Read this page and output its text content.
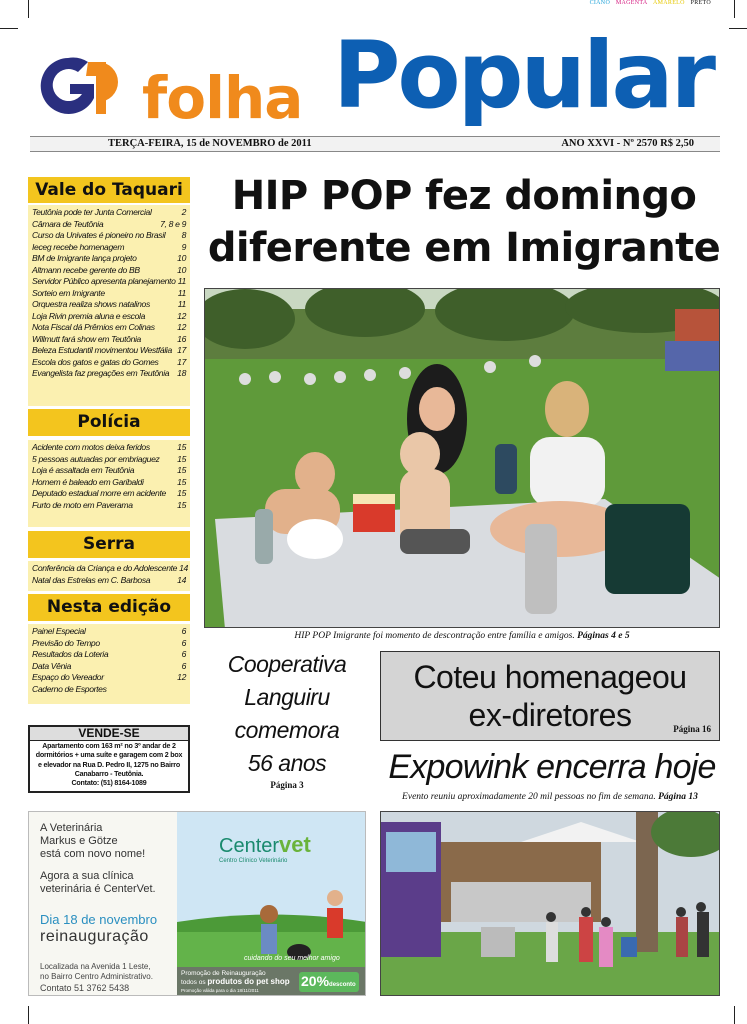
CIANO MAGENTA AMARELO PRETO
folha Popular
TERÇA-FEIRA, 15 de NOVEMBRO de 2011	ANO XXVI - Nº 2570 R$ 2,50
Vale do Taquari
Teutônia pode ter Junta Comercial	2
Câmara de Teutônia	7, 8 e 9
Curso da Univates é pioneiro no Brasil 8
Ieceg recebe homenagem	9
BM de Imigrante lança projeto	10
Altmann recebe gerente do BB	10
Servidor Público apresenta planejamento 11
Sorteio em Imigrante	11
Orquestra realiza shows natalinos	11
Loja Rivin premia aluna e escola	12
Nota Fiscal dá Prêmios em Colinas	12
Willmutt fará show em Teutônia	16
Beleza Estudantil movimentou Westfália 17
Escola dos gatos e gatas do Gomes 17
Evangelista faz pregações em Teutônia 18
Polícia
Acidente com motos deixa feridos	15
5 pessoas autuadas por embriaguez 15
Loja é assaltada em Teutônia	15
Homem é baleado em Garibaldi	15
Deputado estadual morre em acidente 15
Furto de moto em Paverama	15
Serra
Conferência da Criança e do Adolescente 14
Natal das Estrelas em C. Barbosa	14
Nesta edição
Painel Especial	6
Previsão do Tempo	6
Resultados da Loteria	6
Data Vênia	6
Espaço do Vereador	12
Caderno de Esportes
VENDE-SE
Apartamento com 163 m² no 3º andar de 2 dormitórios + uma suíte e garagem com 2 box e elevador na Rua D. Pedro II, 1275 no Bairro Canabarro - Teutônia.
Contato: (51) 8164-1089
HIP POP fez domingo
diferente em Imigrante
HIP POP Imigrante foi momento de descontração entre família e amigos. Páginas 4 e 5
Cooperativa
Languiru
comemora
56 anos
Página 3
Coteu homenageou
ex-diretores	Página 16
Expowink encerra hoje
Evento reuniu aproximadamente 20 mil pessoas no fim de semana. Página 13
A Veterinária
Markus e Götze
está com novo nome!
Agora a sua clínica
veterinária é CenterVet.
Dia 18 de novembro
reinauguração
Localizada na Avenida 1 Leste,
no Bairro Centro Administrativo.
Contato 51 3762 5438
Centervet
Centro Clínico Veterinário
cuidando do seu melhor amigo
Promoção de Reinauguração
todos os produtos do pet shop
Promoção válida para o dia 18/11/2011
20%desconto
